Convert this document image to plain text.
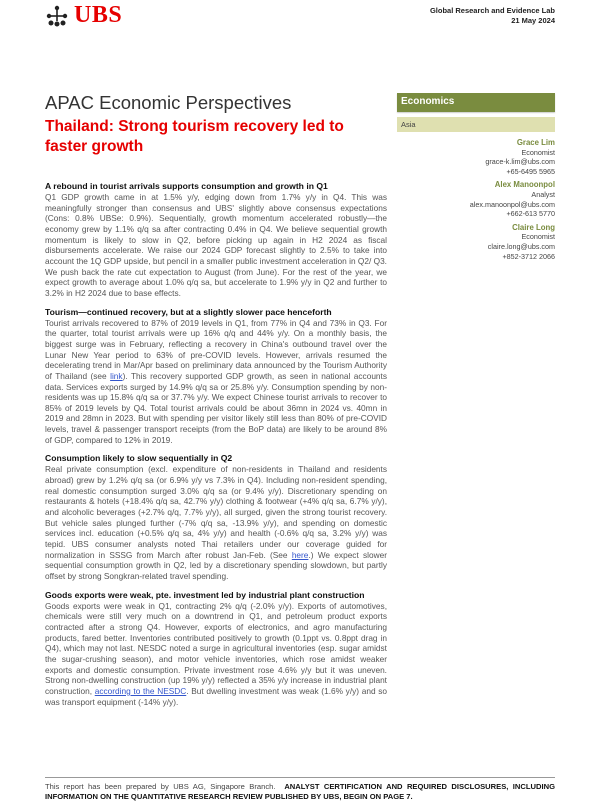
UBS	Global Research and Evidence Lab
21 May 2024
APAC Economic Perspectives
Thailand: Strong tourism recovery led to faster growth
Economics
Asia
Grace Lim
Economist
grace-k.lim@ubs.com
+65-6495 5965
Alex Manoonpol
Analyst
alex.manoonpol@ubs.com
+662-613 5770
Claire Long
Economist
claire.long@ubs.com
+852-3712 2066
A rebound in tourist arrivals supports consumption and growth in Q1

Q1 GDP growth came in at 1.5% y/y, edging down from 1.7% y/y in Q4. This was meaningfully stronger than consensus and UBS' slightly above consensus expectations (Cons: 0.8% UBSe: 0.9%). Sequentially, growth momentum accelerated robustly—the economy grew by 1.1% q/q sa after contracting 0.4% in Q4. We believe sequential growth momentum is likely to slow in Q2, before picking up again in H2 2024 as fiscal disbursements accelerate. We raise our 2024 GDP forecast slightly to 2.5% to take into account the 1Q GDP upside, but pencil in a smaller public investment acceleration in Q2/ Q3. We push back the rate cut expectation to August (from June). For the rest of the year, we expect growth to average about 1.0% q/q sa, but accelerate to 1.9% y/y in Q2 and further to 3.2% in H2 2024 due to base effects.

Tourism—continued recovery, but at a slightly slower pace henceforth

Tourist arrivals recovered to 87% of 2019 levels in Q1, from 77% in Q4 and 73% in Q3. For the quarter, total tourist arrivals were up 16% q/q and 44% y/y. On a monthly basis, the biggest surge was in February, reflecting a recovery in China's outbound travel over the Lunar New Year period to 63% of pre-COVID levels. However, arrivals resumed the decelerating trend in Mar/Apr based on preliminary data announced by the Tourism Authority of Thailand (see link). This recovery supported GDP growth, as seen in national accounts data. Services exports surged by 14.9% q/q sa or 25.8% y/y. Consumption spending by non-residents was up 15.8% q/q sa or 37.7% y/y. We expect Chinese tourist arrivals to recover to 85% of 2019 levels by Q4. Total tourist arrivals could be about 36mn in 2024 vs. 40mn in 2019 and 28mn in 2023. But with spending per visitor likely still less than 80% of pre-COVID levels, travel & passenger transport receipts (from the BoP data) are likely to be around 8% of GDP, compared to 12% in 2019.

Consumption likely to slow sequentially in Q2

Real private consumption (excl. expenditure of non-residents in Thailand and residents abroad) grew by 1.2% q/q sa (or 6.9% y/y vs 7.3% in Q4). Including non-resident spending, real domestic consumption surged 3.0% q/q sa (or 9.4% y/y). Discretionary spending on restaurants & hotels (+18.4% q/q sa, 42.7% y/y) clothing & footwear (+4% q/q sa, 6.7% y/y), and alcoholic beverages (+2.7% q/q, 7.7% y/y), all surged, given the strong tourist recovery. But vehicle sales plunged further (-7% q/q sa, -13.9% y/y), and spending on domestic services incl. education (+0.5% q/q sa, 4% y/y) and health (-0.6% q/q sa, 3.2% y/y) was tepid. UBS consumer analysts noted Thai retailers under our coverage guided for normalization in SSSG from March after robust Jan-Feb. (See here.) We expect slower sequential consumption growth in Q2, led by a discretionary spending slowdown, but partly offset by strong Songkran-related travel spending.

Goods exports were weak, pte. investment led by industrial plant construction

Goods exports were weak in Q1, contracting 2% q/q (-2.0% y/y). Exports of automotives, chemicals were still very much on a downtrend in Q1, and petroleum product exports contracted after a strong Q4. However, exports of electronics, and agro manufacturing products, fared better. Inventories contributed positively to growth (0.1ppt vs. 0.8ppt drag in Q4), which may not last. NESDC noted a surge in agricultural inventories (esp. sugar amidst the sugar-crushing season), and motor vehicle inventories, which rose amidst weaker exports and domestic consumption. Private investment rose 4.6% y/y but it was uneven. Strong non-dwelling construction (up 19% y/y) reflected a 35% y/y increase in industrial plant construction, according to the NESDC. But dwelling investment was weak (1.6% y/y) and so was transport equipment (-14% y/y).

This report has been prepared by UBS AG, Singapore Branch. ANALYST CERTIFICATION AND REQUIRED DISCLOSURES, INCLUDING INFORMATION ON THE QUANTITATIVE RESEARCH REVIEW PUBLISHED BY UBS, BEGIN ON PAGE 7.
